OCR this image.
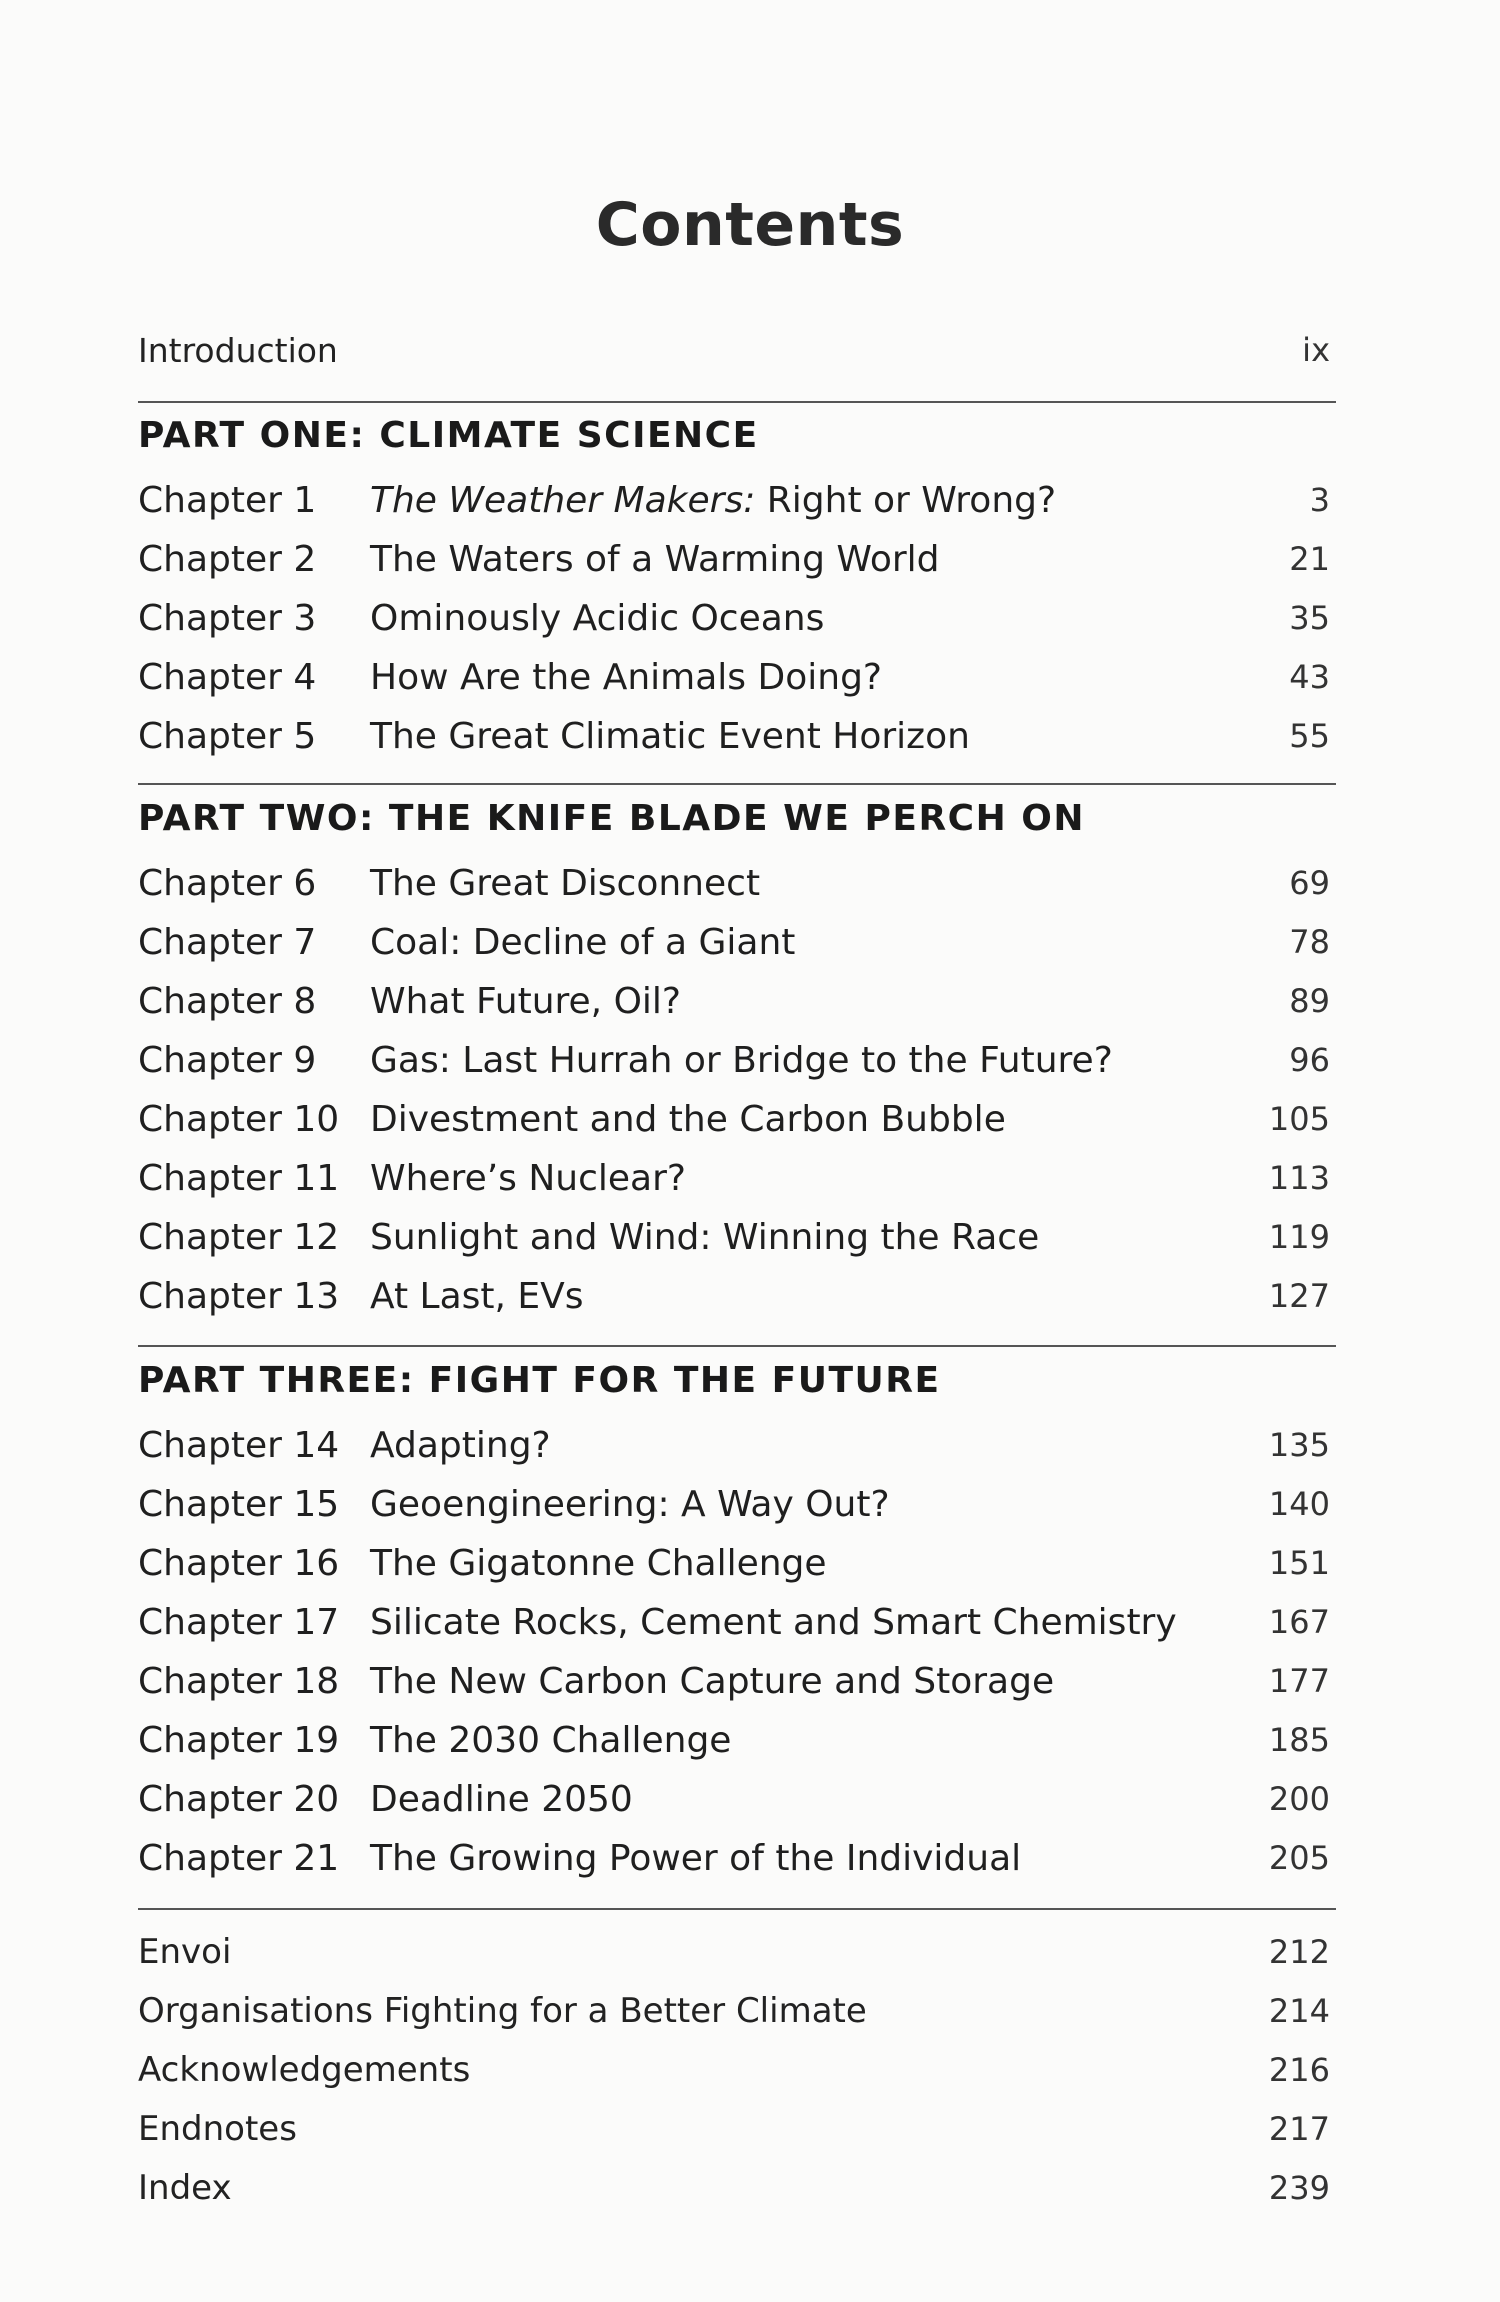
Contents
Introduction	ix
PART ONE: CLIMATE SCIENCE
Chapter 1	The Weather Makers: Right or Wrong?	3
Chapter 2	The Waters of a Warming World	21
Chapter 3	Ominously Acidic Oceans	35
Chapter 4	How Are the Animals Doing?	43
Chapter 5	The Great Climatic Event Horizon	55
PART TWO: THE KNIFE BLADE WE PERCH ON
Chapter 6	The Great Disconnect	69
Chapter 7	Coal: Decline of a Giant	78
Chapter 8	What Future, Oil?	89
Chapter 9	Gas: Last Hurrah or Bridge to the Future?	96
Chapter 10 Divestment and the Carbon Bubble	105
Chapter 11 Where’s Nuclear?	113
Chapter 12 Sunlight and Wind: Winning the Race	119
Chapter 13 At Last, EVs	127
PART THREE: FIGHT FOR THE FUTURE
Chapter 14 Adapting?	135
Chapter 15 Geoengineering: A Way Out?	140
Chapter 16 The Gigatonne Challenge	151
Chapter 17 Silicate Rocks, Cement and Smart Chemistry	167
Chapter 18 The New Carbon Capture and Storage	177
Chapter 19 The 2030 Challenge	185
Chapter 20 Deadline 2050	200
Chapter 21 The Growing Power of the Individual	205
Envoi	212
Organisations Fighting for a Better Climate	214
Acknowledgements	216
Endnotes	217
Index	239
